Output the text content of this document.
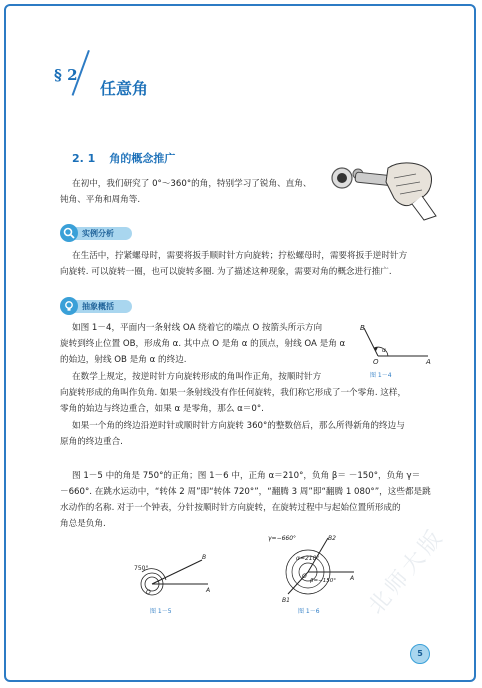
§ 2
任意角
2. 1 角的概念推广
在初中，我们研究了 0°～360°的角，特别学习了锐角、直角、
钝角、平角和周角等.
实例分析
在生活中，拧紧螺母时，需要将扳手顺时针方向旋转；拧松螺母时，需要将扳手逆时针方
向旋转. 可以旋转一圈，也可以旋转多圈. 为了描述这种现象，需要对角的概念进行推广.
抽象概括
如图 1－4，平面内一条射线 OA 绕着它的端点 O 按箭头所示方向
旋转到终止位置 OB，形成角 α. 其中点 O 是角 α 的顶点，射线 OA 是角 α
的始边，射线 OB 是角 α 的终边.
在数学上规定，按逆时针方向旋转形成的角叫作正角，按顺时针方
向旋转形成的角叫作负角. 如果一条射线没有作任何旋转，我们称它形成了一个零角. 这样，
零角的始边与终边重合，如果 α 是零角，那么 α＝0°.
如果一个角的终边沿逆时针或顺时针方向旋转 360°的整数倍后，那么所得新角的终边与
原角的终边重合.
B
O	A
α
图 1－4
图 1－5 中的角是 750°的正角；图 1－6 中，正角 α＝210°，负角 β＝ －150°，负角 γ＝
－660°. 在跳水运动中，“转体 2 周”即“转体 720°”，“翻腾 3 周”即“翻腾 1 080°”，这些都是跳
水动作的名称. 对于一个钟表，分针按顺时针方向旋转，在旋转过程中与起始位置所形成的
角总是负角.
750°
O	A
B
图 1－5
γ=−660°
α=210°
β=−150°
O	A
B1
B2
图 1－6 北师大版
5
